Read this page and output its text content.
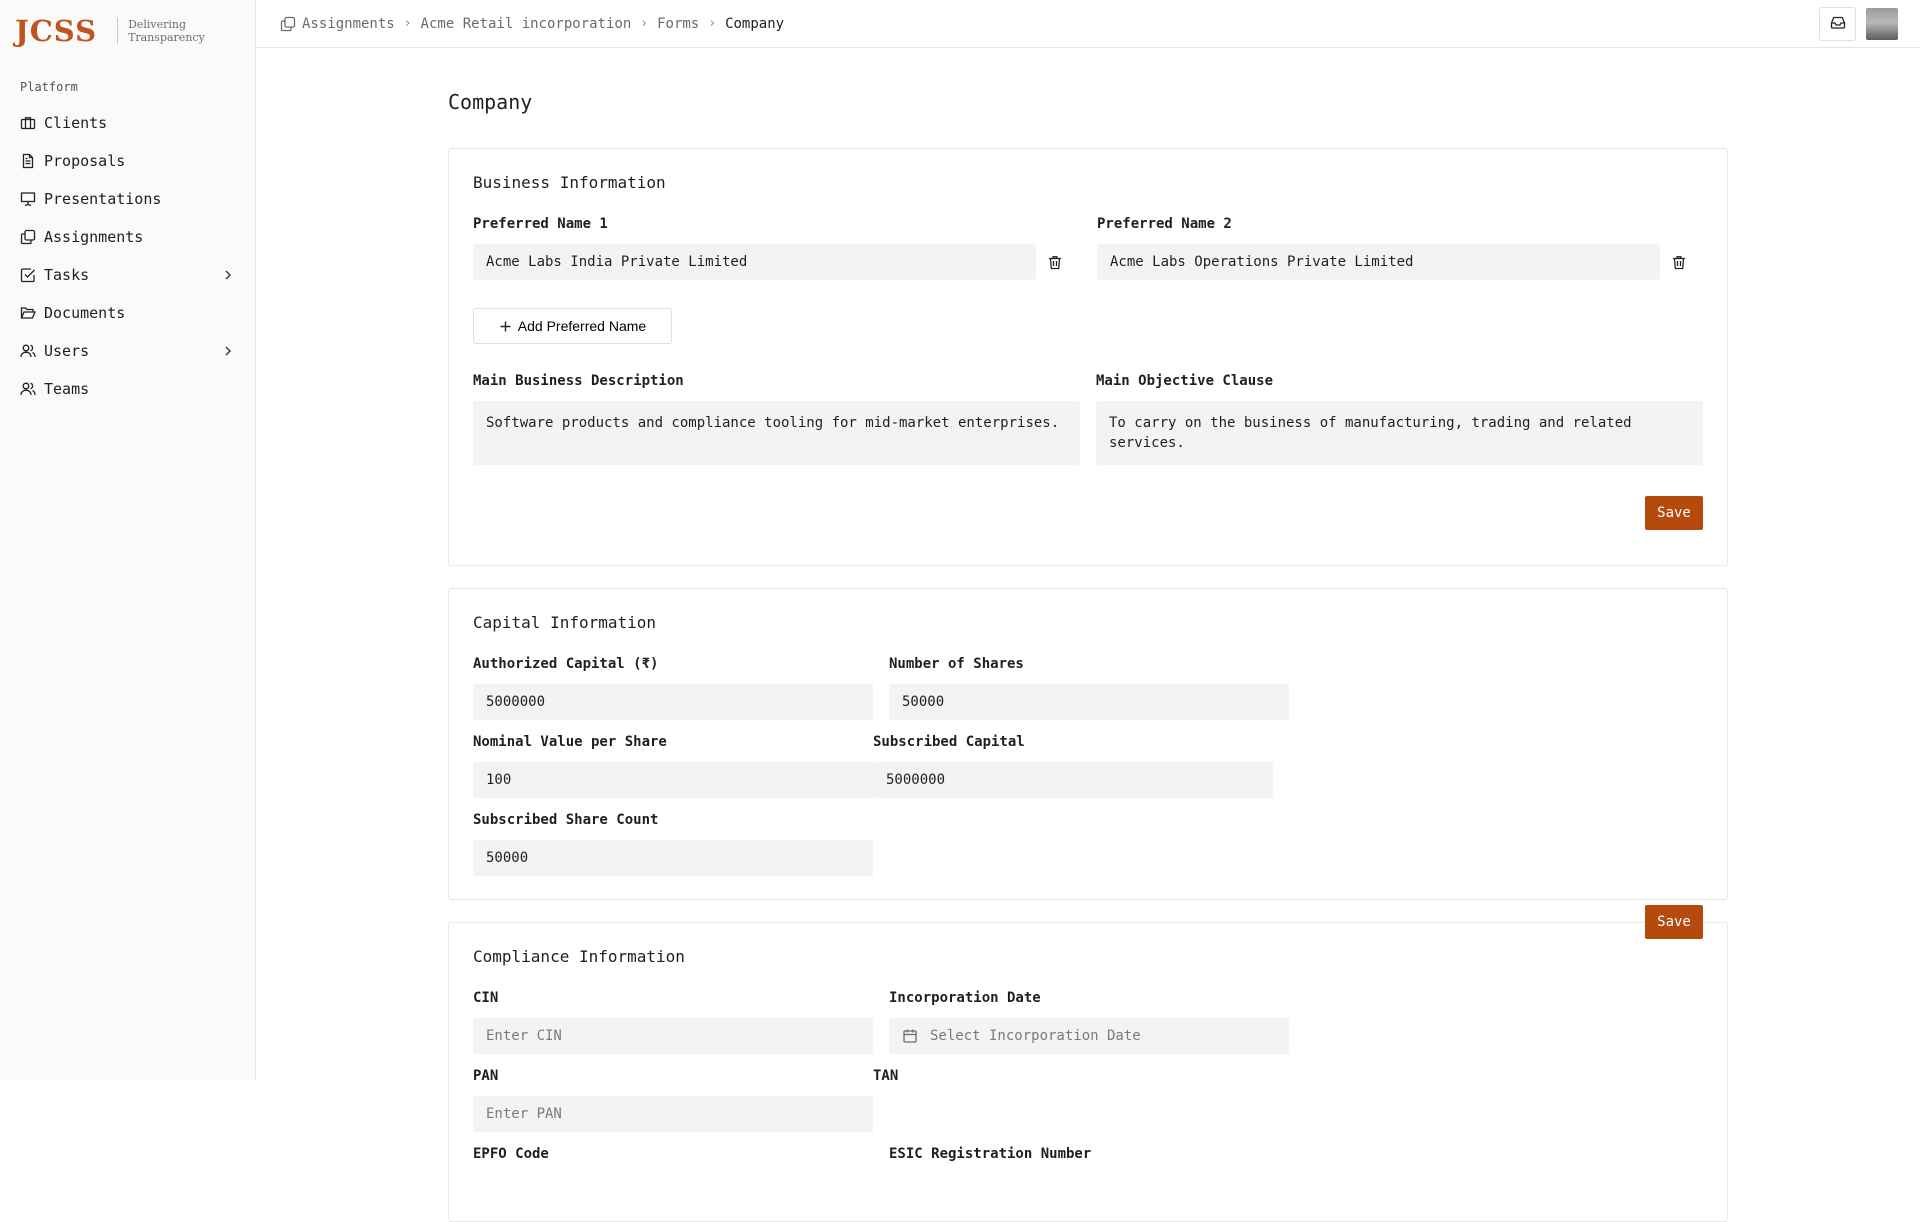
JCSS	Delivering
Transparency
Platform
Clients
Proposals
Presentations
Assignments
Tasks
Documents
Users
Teams
Assignments › Acme Retail incorporation › Forms › Company
Company
Business Information
Preferred Name 1
Acme Labs India Private Limited
Preferred Name 2
Acme Labs Operations Private Limited
Add Preferred Name
Main Business Description
Software products and compliance tooling for mid-market enterprises.
Main Objective Clause
To carry on the business of manufacturing, trading and related services.
Save
Capital Information
Authorized Capital (₹)
5000000
Number of Shares
50000
Nominal Value per Share
100
Subscribed Capital
5000000
Subscribed Share Count
50000
Save
Compliance Information
CIN
Enter CIN
Incorporation Date
Select Incorporation Date
PAN
Enter PAN
TAN
EPFO Code	ESIC Registration Number
